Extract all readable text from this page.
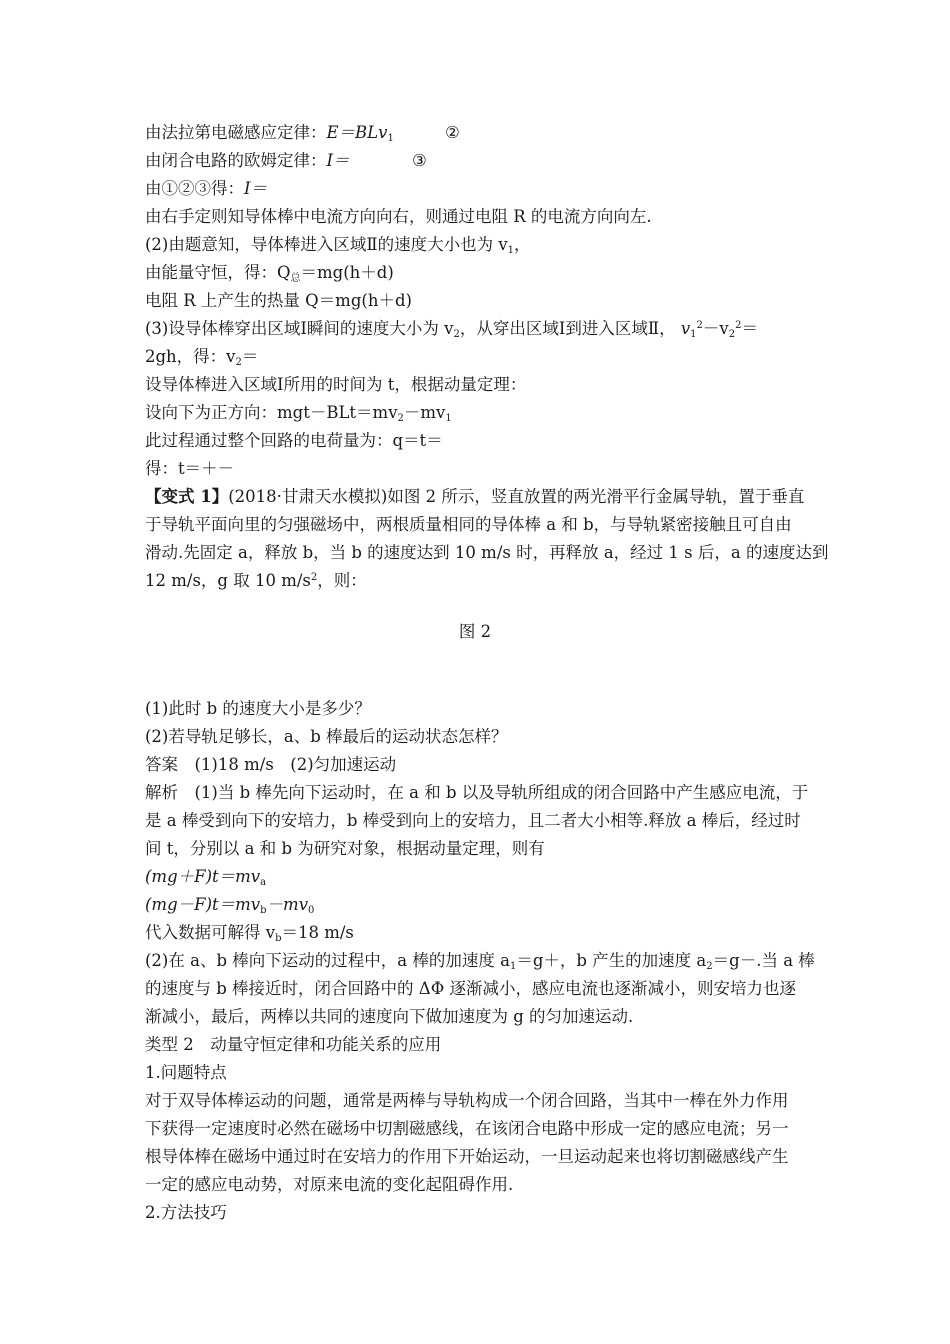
由法拉第电磁感应定律：E＝BLv$_1$	②
由闭合电路的欧姆定律：I＝	③
由①②③得：I＝
由右手定则知导体棒中电流方向向右，则通过电阻 R 的电流方向向左.
(2)由题意知，导体棒进入区域Ⅱ的速度大小也为 $v_1$，
由能量守恒，得：$Q_总=mg(h+d)$
电阻 R 上产生的热量 Q＝mg(h＋d)
(3)设导体棒穿出区域Ⅰ瞬间的速度大小为 $v_2$，从穿出区域Ⅰ到进入区域Ⅱ， $v_1^2-v_2^2=$
2gh，得：$v_2=$
设导体棒进入区域Ⅰ所用的时间为 t，根据动量定理：
设向下为正方向：$mgt-BLt=mv_2-mv_1$
此过程通过整个回路的电荷量为：q＝t＝
得：t＝＋－
【变式 1】(2018·甘肃天水模拟)如图 2 所示，竖直放置的两光滑平行金属导轨，置于垂直
于导轨平面向里的匀强磁场中，两根质量相同的导体棒 a 和 b，与导轨紧密接触且可自由
滑动.先固定 a，释放 b，当 b 的速度达到 10 m/s 时，再释放 a，经过 1 s 后，a 的速度达到
12 m/s，g 取 10 $m/s^2$，则：
图 2
(1)此时 b 的速度大小是多少？
(2)若导轨足够长，a、b 棒最后的运动状态怎样？
答案　(1)18 m/s　(2)匀加速运动
解析　(1)当 b 棒先向下运动时，在 a 和 b 以及导轨所组成的闭合回路中产生感应电流，于
是 a 棒受到向下的安培力，b 棒受到向上的安培力，且二者大小相等.释放 a 棒后，经过时
间 t，分别以 a 和 b 为研究对象，根据动量定理，则有
$(mg+F)t=mv_a$
$(mg-F)t=mv_b-mv_0$
代入数据可解得 $v_b=18$ m/s
(2)在 a、b 棒向下运动的过程中，a 棒的加速度 $a_1=g+$，b 产生的加速度 $a_2=g-$.当 a 棒
的速度与 b 棒接近时，闭合回路中的 ΔΦ 逐渐减小，感应电流也逐渐减小，则安培力也逐
渐减小，最后，两棒以共同的速度向下做加速度为 g 的匀加速运动.
类型 2　动量守恒定律和功能关系的应用
1.问题特点
对于双导体棒运动的问题，通常是两棒与导轨构成一个闭合回路，当其中一棒在外力作用
下获得一定速度时必然在磁场中切割磁感线，在该闭合电路中形成一定的感应电流；另一
根导体棒在磁场中通过时在安培力的作用下开始运动，一旦运动起来也将切割磁感线产生
一定的感应电动势，对原来电流的变化起阻碍作用.
2.方法技巧
